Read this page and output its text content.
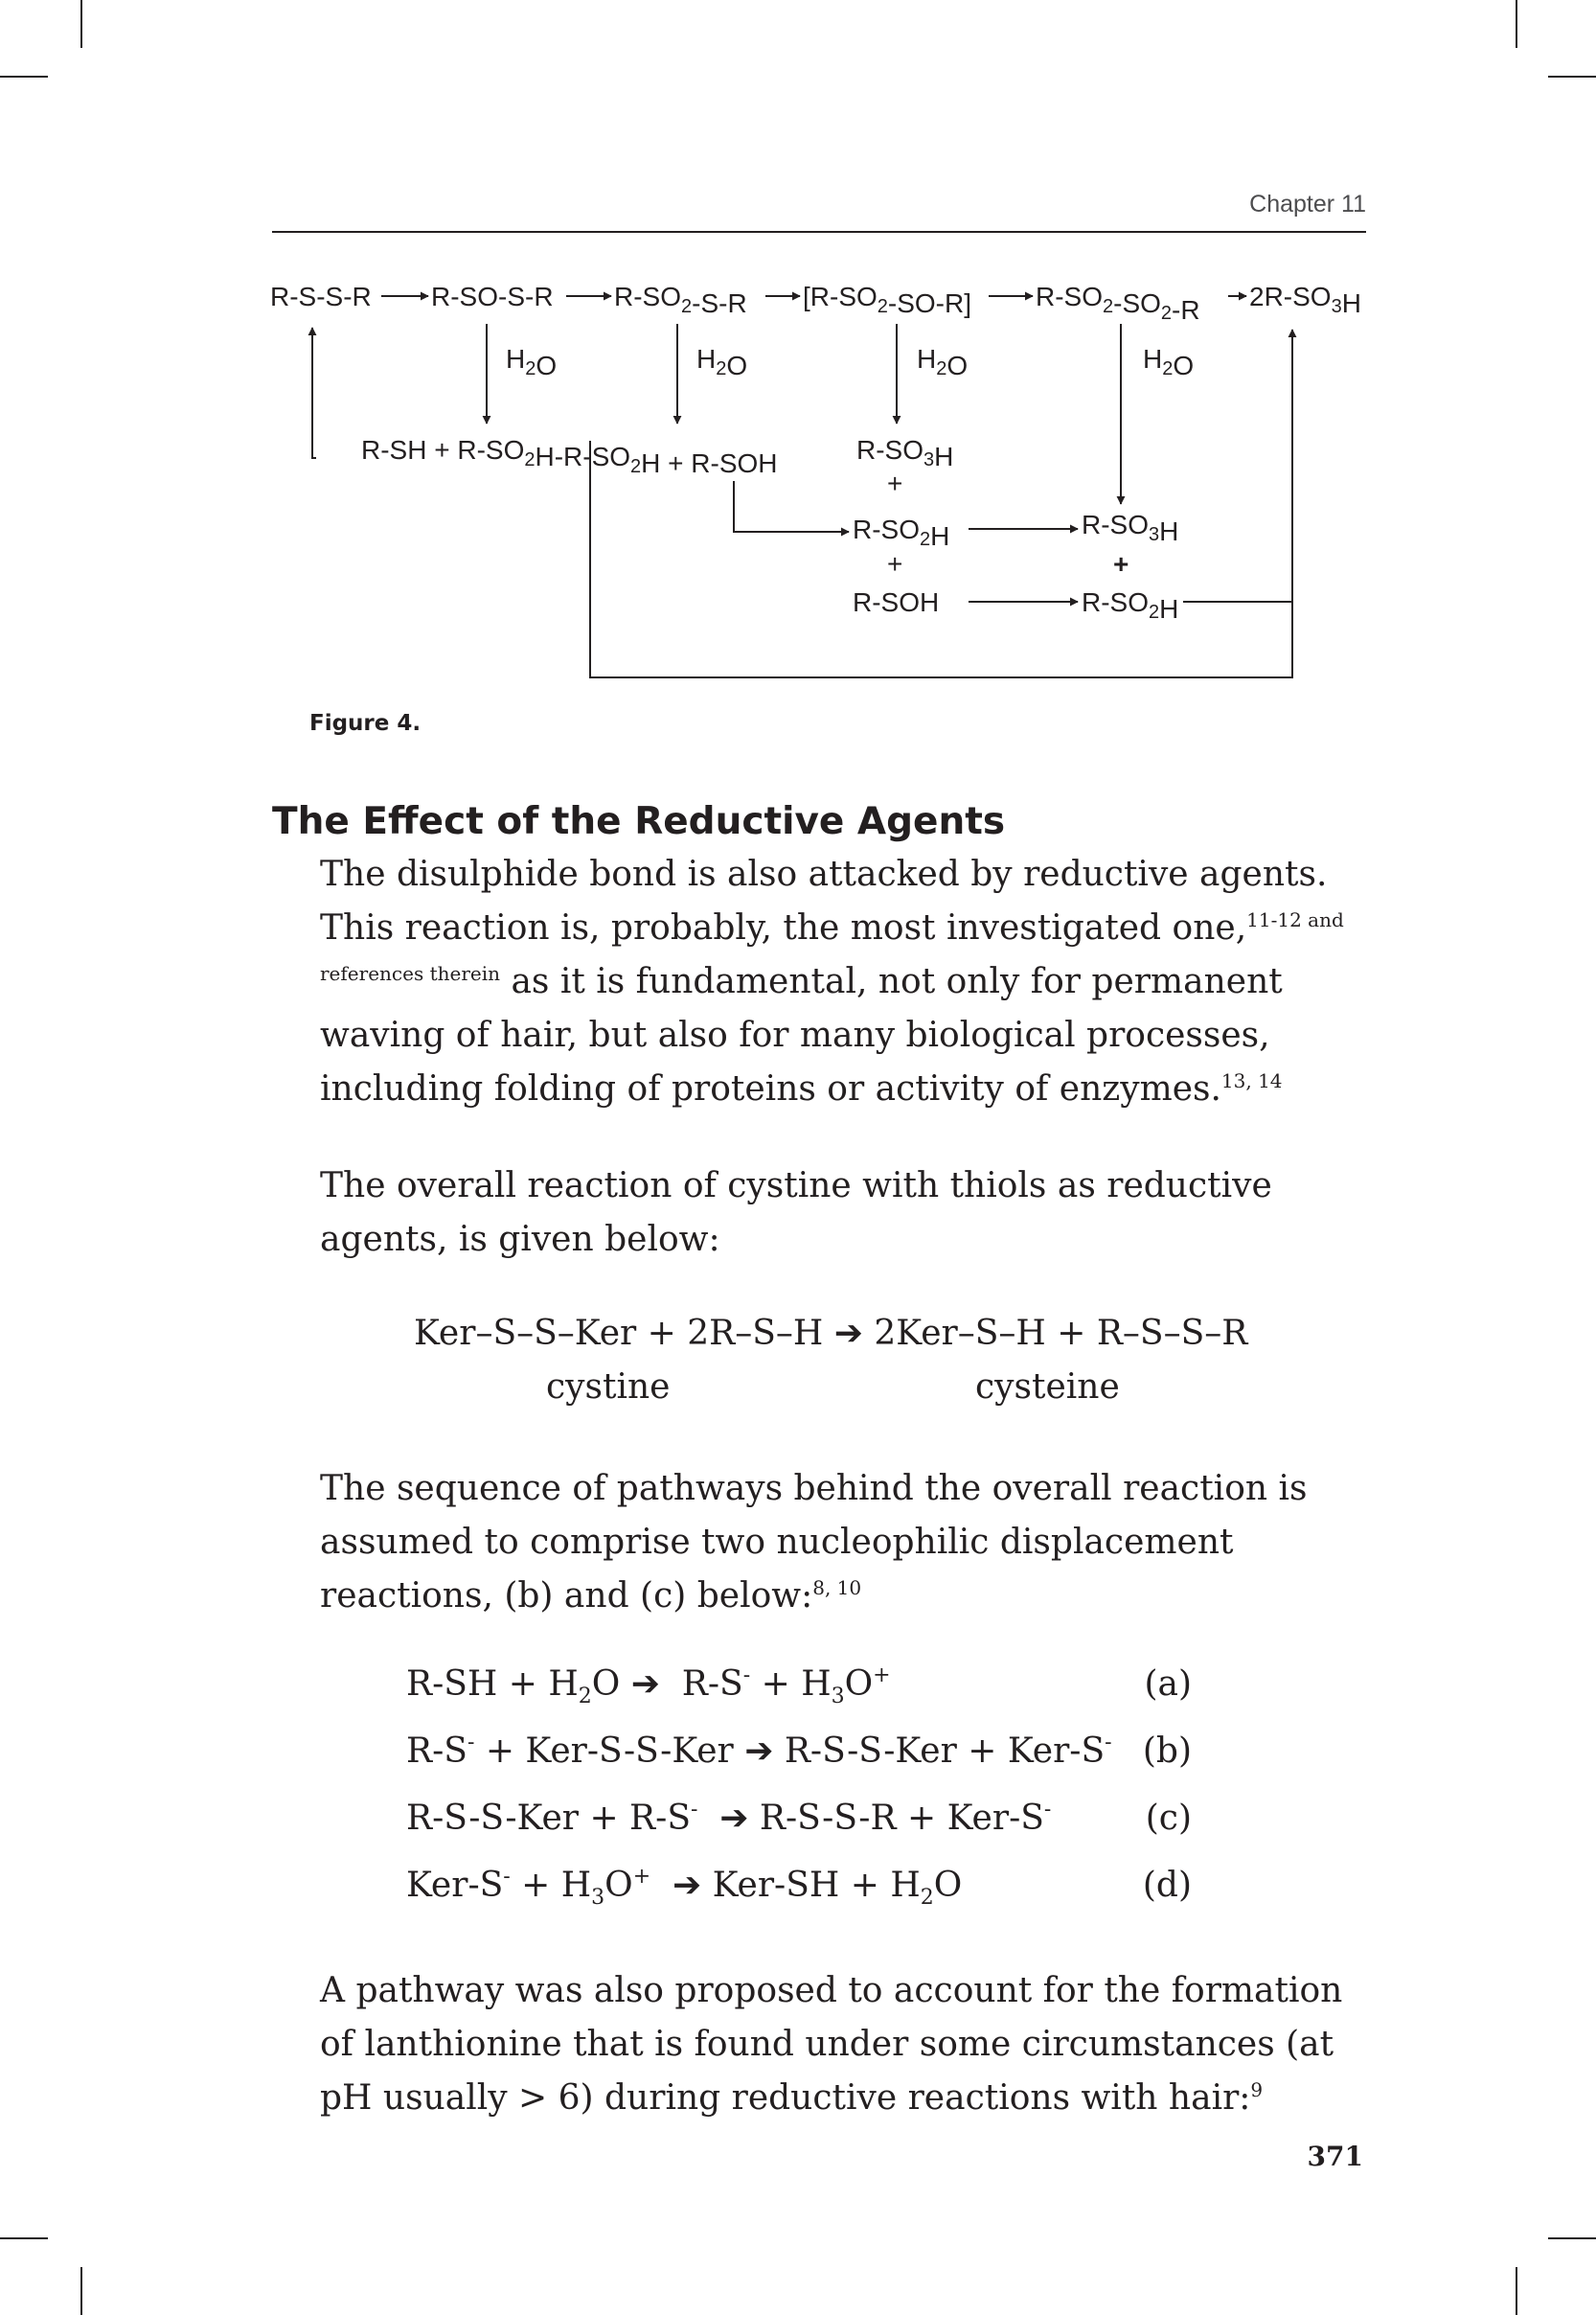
Chapter 11
R-S-S-R R-SO-S-R $R-SO_2-S-R$ $[R-SO_2-SO-R]$ $R-SO_2-SO_2-R$ $2R-SO_3H$
$H_2O$	$H_2O$	$H_2O$	$H_2O$
$R-SH + R-SO_2H-R-SO_2H + R-SOH$	$R-SO_3H$
+
$R-SO_2H$
+
R-SOH
$R-SO_3H$
+
$R-SO_2H$
Figure 4.
The Effect of the Reductive Agents

The disulphide bond is also attacked by reductive agents. This reaction is, probably, the most investigated one,$^{11-12 and references therein}$ as it is fundamental, not only for permanent waving of hair, but also for many biological processes, including folding of proteins or activity of enzymes.$^{13, 14}$

The overall reaction of cystine with thiols as reductive agents, is given below:

Ker–S–S–Ker + 2R–S–H ➔ 2Ker–S–H + R–S–S–R
cystine	cysteine

The sequence of pathways behind the overall reaction is assumed to comprise two nucleophilic displacement reactions, (b) and (c) below:$^{8, 10}$

$R-SH + H_2O$ ➔  $R-S^- + H_3O^+$	(a)
R-S- + Ker-S-S-Ker ➔ R-S-S-Ker + Ker-S- (b)
R-S-S-Ker + R-S-  ➔ R-S-S-R + Ker-S-	(c)
$Ker-S^- + H_3O^+$  ➔ $Ker-SH + H_2O$	(d)

A pathway was also proposed to account for the formation of lanthionine that is found under some circumstances (at pH usually > 6) during reductive reactions with hair:$^9$

371
